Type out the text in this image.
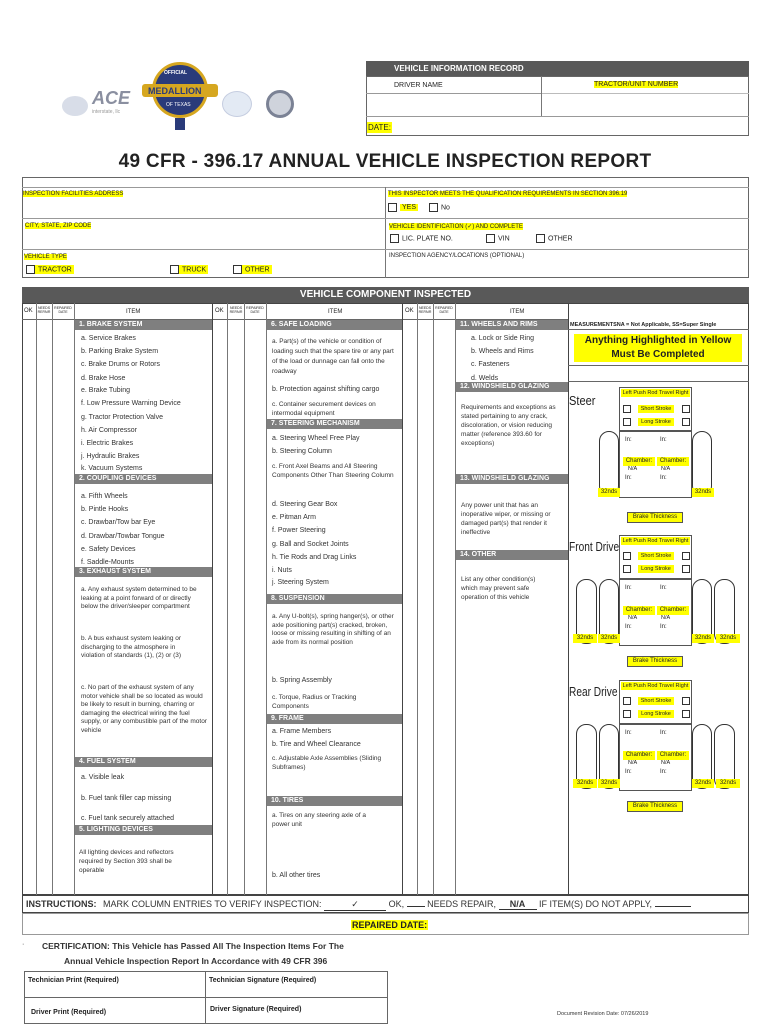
ACE
interstate, llc
OFFICIAL
MEDALLION
OF TEXAS
VEHICLE INFORMATION RECORD
DRIVER NAME	TRACTOR/UNIT NUMBER
DATE:
49 CFR - 396.17 ANNUAL VEHICLE INSPECTION REPORT
INSPECTION FACILITIES ADDRESS	THIS INSPECTOR MEETS THE QUALIFICATION REQUIREMENTS IN SECTION 396.19
YES	No
CITY, STATE, ZIP CODE	VEHICLE IDENTIFICATION (✓) AND COMPLETE
LIC. PLATE NO.	VIN	OTHER
VEHICLE TYPE
TRACTOR	TRUCK	OTHER
INSPECTION AGENCY/LOCATIONS (OPTIONAL)
VEHICLE COMPONENT INSPECTED
OK	NEEDS REPAIR
REPAIRED DATE	ITEM	OK	NEEDS REPAIR
REPAIRED DATE	ITEM	OK	NEEDS REPAIR
REPAIRED DATE	ITEM
1. BRAKE SYSTEM
a. Service Brakes
b. Parking Brake System
c. Brake Drums or Rotors
d. Brake Hose
e. Brake Tubing
f. Low Pressure Warning Device
g. Tractor Protection Valve
h. Air Compressor
i. Electric Brakes
j. Hydraulic Brakes
k. Vacuum Systems
2. COUPLING DEVICES
a. Fifth Wheels
b. Pintle Hooks
c. Drawbar/Tow bar Eye
d. Drawbar/Towbar Tongue
e. Safety Devices
f. Saddle-Mounts
3. EXHAUST SYSTEM
a. Any exhaust system determined to be leaking at a point forward of or directly below the driver/sleeper compartment
b. A bus exhaust system leaking or discharging to the atmosphere in violation of standards (1), (2) or (3)
c. No part of the exhaust system of any motor vehicle shall be so located as would be likely to result in burning, charring or damaging the electrical wiring the fuel supply, or any combustible part of the motor vehicle
4. FUEL SYSTEM
a. Visible leak
b. Fuel tank filler cap missing
c. Fuel tank securely attached
5. LIGHTING DEVICES
All lighting devices and reflectors required by Section 393 shall be operable
6. SAFE LOADING
a. Part(s) of the vehicle or condition of loading such that the spare tire or any part of the load or dunnage can fall onto the roadway
b. Protection against shifting cargo
c. Container securement devices on intermodal equipment
7. STEERING MECHANISM
a. Steering Wheel Free Play
b. Steering Column
c. Front Axel Beams and All Steering Components Other Than Steering Column
d. Steering Gear Box
e. Pitman Arm
f. Power Steering
g. Ball and Socket Joints
h. Tie Rods and Drag Links
i. Nuts
j. Steering System
8. SUSPENSION
a. Any U-bolt(s), spring hanger(s), or other axle positioning part(s) cracked, broken, loose or missing resulting in shifting of an axle from its normal position
b. Spring Assembly
c. Torque, Radius or Tracking Components
9. FRAME
a. Frame Members
b. Tire and Wheel Clearance
c. Adjustable Axle Assemblies (Sliding Subframes)
10. TIRES
a. Tires on any steering axle of a power unit
b. All other tires
11. WHEELS AND RIMS
a. Lock or Side Ring
b. Wheels and Rims
c. Fasteners
d. Welds
12. WINDSHIELD GLAZING
Requirements and exceptions as stated pertaining to any crack, discoloration, or vision reducing matter (reference 393.60 for exceptions)
13. WINDSHIELD GLAZING
Any power unit that has an inoperative wiper, or missing or damaged part(s) that render it ineffective
14. OTHER
List any other condition(s) which may prevent safe operation of this vehicle
MEASUREMENTSNA = Not Applicable, SS=Super Single
Anything Highlighted in Yellow Must Be Completed
Steer	Left Push Rod Travel Right
Short Stroke
Long Stroke
In:	In:
Chamber:	Chamber:
N/A	N/A
In:	In:
32nds	32nds
Brake Thickness
Front Drive Left Push Rod Travel Right
Short Stroke
Long Stroke
In:	In:
Chamber:	Chamber:
N/A	N/A
In:	In:
32nds	32nds	32nds	32nds
Brake Thickness
Rear Drive Left Push Rod Travel Right
Short Stroke
Long Stroke
In:	In:
Chamber:	Chamber:
N/A	N/A
In:	In:
32nds	32nds	32nds	32nds
Brake Thickness
INSTRUCTIONS: MARK COLUMN ENTRIES TO VERIFY INSPECTION:	✓	OK,	NEEDS REPAIR, N/A IF ITEM(S) DO NOT APPLY,
REPAIRED DATE:
· CERTIFICATION: This Vehicle has Passed All The Inspection Items For The
Annual Vehicle Inspection Report In Accordance with 49 CFR 396
Technician Print (Required)	Technician Signature (Required)
Driver Print (Required)	Driver Signature (Required)
Document Revision Date: 07/26/2019
